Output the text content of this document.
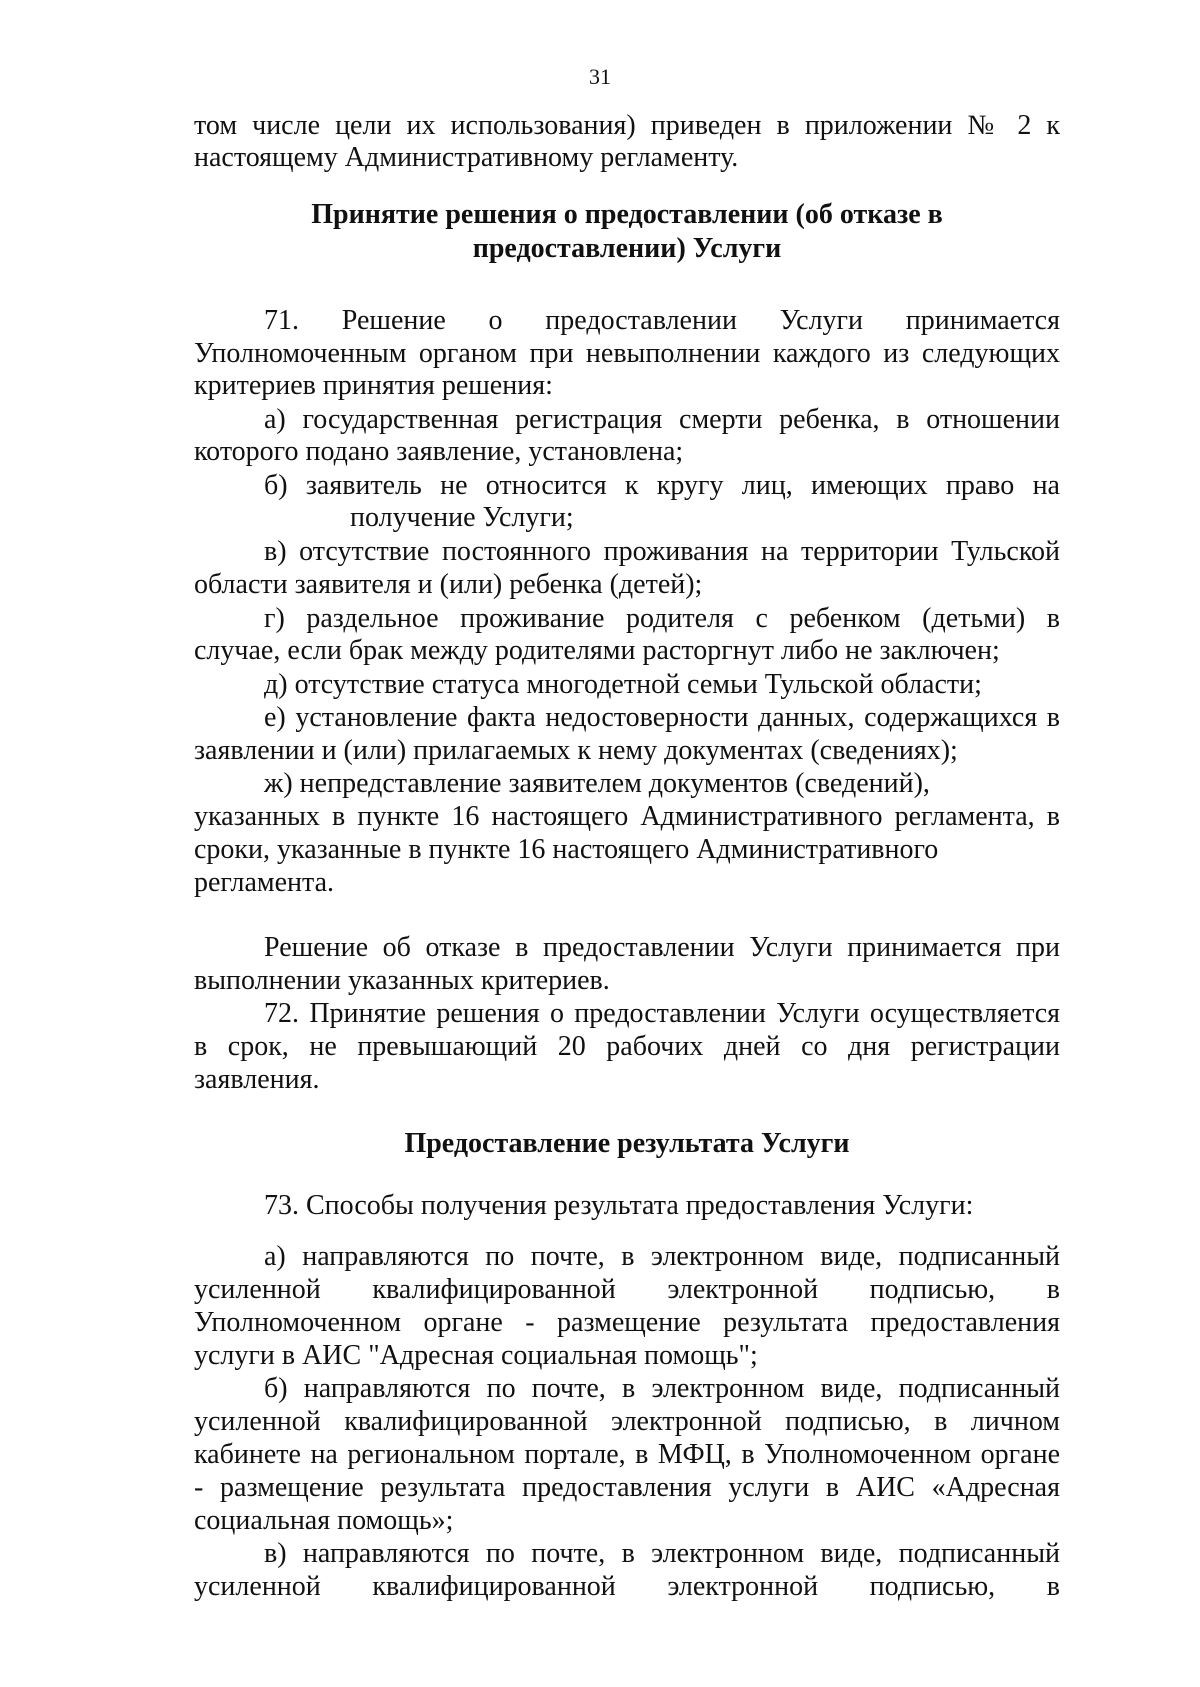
31
том числе цели их использования) приведен в приложении № 2 к
настоящему Административному регламенту.
Принятие решения о предоставлении (об отказе в
предоставлении) Услуги
71. Решение о предоставлении Услуги принимается
Уполномоченным органом при невыполнении каждого из следующих
критериев принятия решения:
а) государственная регистрация смерти ребенка, в отношении
которого подано заявление, установлена;
б) заявитель не относится к кругу лиц, имеющих право на
получение Услуги;
в) отсутствие постоянного проживания на территории Тульской
области заявителя и (или) ребенка (детей);
г) раздельное проживание родителя с ребенком (детьми) в
случае, если брак между родителями расторгнут либо не заключен;
д) отсутствие статуса многодетной семьи Тульской области;
е) установление факта недостоверности данных, содержащихся в
заявлении и (или) прилагаемых к нему документах (сведениях);
ж) непредставление заявителем документов (сведений),
указанных в пункте 16 настоящего Административного регламента, в
сроки, указанные в пункте 16 настоящего Административного
регламента.
Решение об отказе в предоставлении Услуги принимается при
выполнении указанных критериев.
72. Принятие решения о предоставлении Услуги осуществляется
в срок, не превышающий 20 рабочих дней со дня регистрации
заявления.
Предоставление результата Услуги
73. Способы получения результата предоставления Услуги:
а) направляются по почте, в электронном виде, подписанный
усиленной квалифицированной электронной подписью, в
Уполномоченном органе - размещение результата предоставления
услуги в АИС "Адресная социальная помощь";
б) направляются по почте, в электронном виде, подписанный
усиленной квалифицированной электронной подписью, в личном
кабинете на региональном портале, в МФЦ, в Уполномоченном органе
- размещение результата предоставления услуги в АИС «Адресная
социальная помощь»;
в) направляются по почте, в электронном виде, подписанный
усиленной квалифицированной электронной подписью, в
